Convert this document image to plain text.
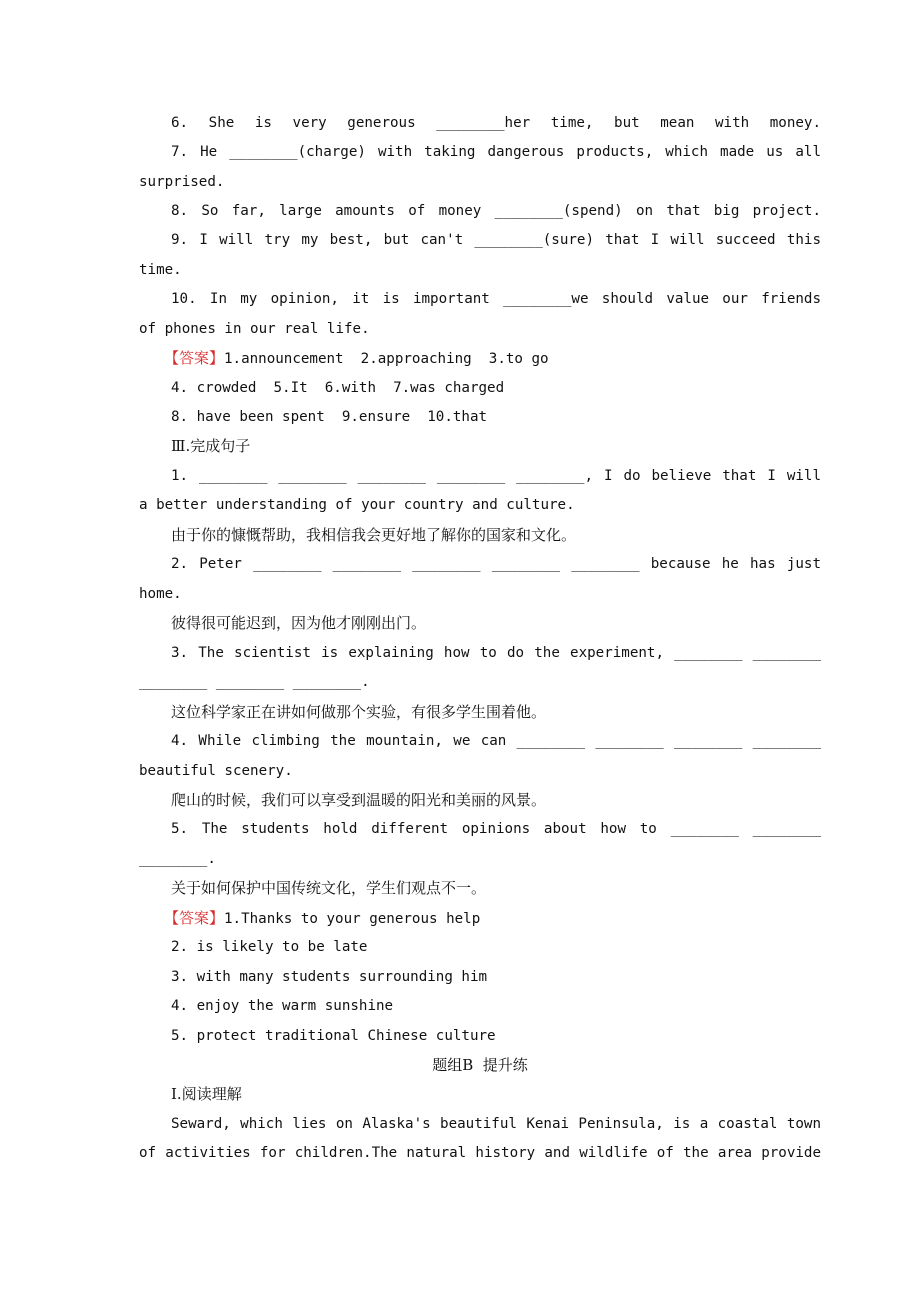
6. She is very generous ________her time, but mean with money.
7. He ________(charge) with taking dangerous products, which made us all
surprised.
8. So far, large amounts of money ________(spend) on that big project.
9. I will try my best, but can't ________(sure) that I will succeed this
time.
10. In my opinion, it is important ________we should value our friends
of phones in our real life.
【答案】1.announcement  2.approaching  3.to go
4. crowded  5.It  6.with  7.was charged
8. have been spent  9.ensure  10.that
Ⅲ.完成句子
1. ________ ________ ________ ________ ________, I do believe that I will
a better understanding of your country and culture.
由于你的慷慨帮助，我相信我会更好地了解你的国家和文化。
2. Peter ________ ________ ________ ________ ________ because he has just
home.
彼得很可能迟到，因为他才刚刚出门。
3. The scientist is explaining how to do the experiment, ________ ________
________ ________ ________.
这位科学家正在讲如何做那个实验，有很多学生围着他。
4. While climbing the mountain, we can ________ ________ ________ ________
beautiful scenery.
爬山的时候，我们可以享受到温暖的阳光和美丽的风景。
5. The students hold different opinions about how to ________ ________
________.
关于如何保护中国传统文化，学生们观点不一。
【答案】1.Thanks to your generous help
2. is likely to be late
3. with many students surrounding him
4. enjoy the warm sunshine
5. protect traditional Chinese culture
题组B  提升练
Ⅰ.阅读理解
Seward, which lies on Alaska's beautiful Kenai Peninsula, is a coastal town
of activities for children.The natural history and wildlife of the area provide
